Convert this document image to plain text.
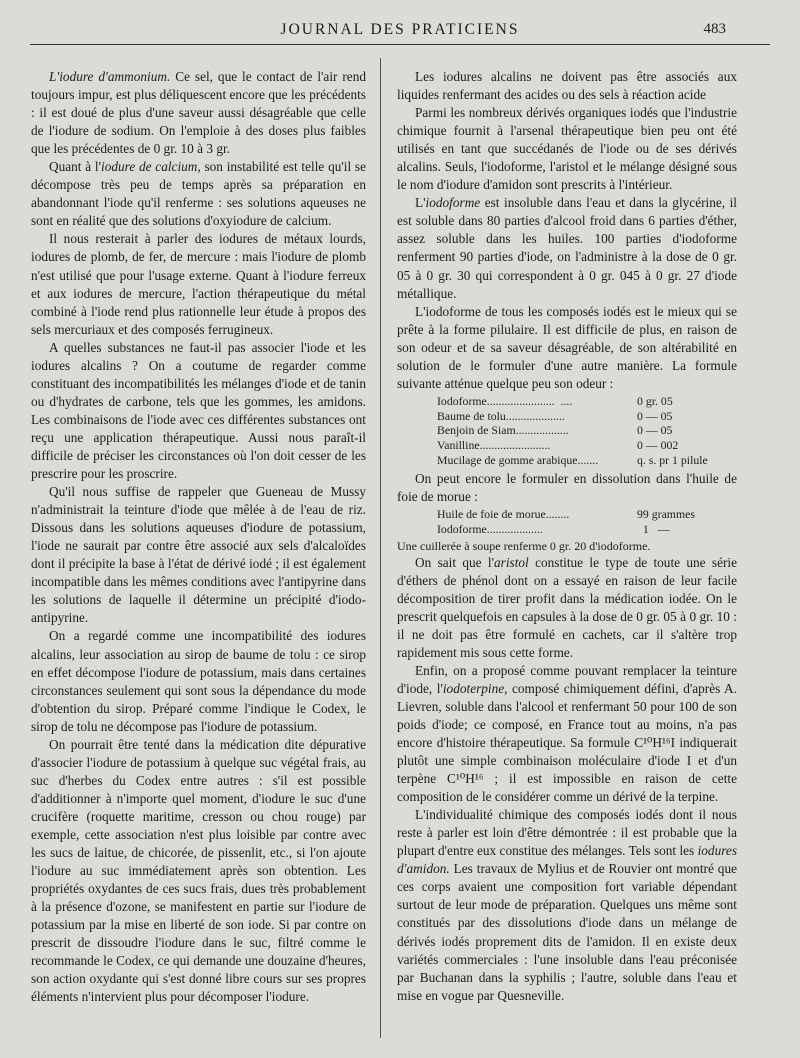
JOURNAL DES PRATICIENS	483

L'iodure d'ammonium. Ce sel, que le contact de l'air rend toujours impur, est plus déliquescent encore que les précédents : il est doué de plus d'une saveur aussi désagréable que celle de l'iodure de sodium. On l'emploie à des doses plus faibles que les précédentes de 0 gr. 10 à 3 gr.

Quant à l'iodure de calcium, son instabilité est telle qu'il se décompose très peu de temps après sa préparation en abandonnant l'iode qu'il renferme : ses solutions aqueuses ne sont en réalité que des solutions d'oxyiodure de calcium.

Il nous resterait à parler des iodures de métaux lourds, iodures de plomb, de fer, de mercure : mais l'iodure de plomb n'est utilisé que pour l'usage externe. Quant à l'iodure ferreux et aux iodures de mercure, l'action thérapeutique du métal combiné à l'iode rend plus rationnelle leur étude à propos des sels mercuriaux et des composés ferrugineux.

A quelles substances ne faut-il pas associer l'iode et les iodures alcalins ? On a coutume de regarder comme constituant des incompatibilités les mélanges d'iode et de tanin ou d'hydrates de carbone, tels que les gommes, les amidons. Les combinaisons de l'iode avec ces différentes substances ont reçu une application thérapeutique. Aussi nous paraît-il difficile de préciser les circonstances où l'on doit cesser de les prescrire pour les proscrire.

Qu'il nous suffise de rappeler que Gueneau de Mussy n'administrait la teinture d'iode que mêlée à de l'eau de riz. Dissous dans les solutions aqueuses d'iodure de potassium, l'iode ne saurait par contre être associé aux sels d'alcaloïdes dont il précipite la base à l'état de dérivé iodé ; il est également incompatible dans les mêmes conditions avec l'antipyrine dans les solutions de laquelle il détermine un précipité d'iodo-antipyrine.

On a regardé comme une incompatibilité des iodures alcalins, leur association au sirop de baume de tolu : ce sirop en effet décompose l'iodure de potassium, mais dans certaines circonstances seulement qui sont sous la dépendance du mode d'obtention du sirop. Préparé comme l'indique le Codex, le sirop de tolu ne décompose pas l'iodure de potassium.

On pourrait être tenté dans la médication dite dépurative d'associer l'iodure de potassium à quelque suc végétal frais, au suc d'herbes du Codex entre autres : s'il est possible d'additionner à n'importe quel moment, d'iodure le suc d'une crucifère (roquette maritime, cresson ou chou rouge) par exemple, cette association n'est plus loisible par contre avec les sucs de laitue, de chicorée, de pissenlit, etc., si l'on ajoute l'iodure au suc immédiatement après son obtention. Les propriétés oxydantes de ces sucs frais, dues très probablement à la présence d'ozone, se manifestent en partie sur l'iodure de potassium par la mise en liberté de son iode. Si par contre on prescrit de dissoudre l'iodure dans le suc, filtré comme le recommande le Codex, ce qui demande une douzaine d'heures, son action oxydante qui s'est donné libre cours sur ses propres éléments n'intervient plus pour décomposer l'iodure.

Les iodures alcalins ne doivent pas être associés aux liquides renfermant des acides ou des sels à réaction acide

Parmi les nombreux dérivés organiques iodés que l'industrie chimique fournit à l'arsenal thérapeutique bien peu ont été utilisés en tant que succédanés de l'iode ou de ses dérivés alcalins. Seuls, l'iodoforme, l'aristol et le mélange désigné sous le nom d'iodure d'amidon sont prescrits à l'intérieur.

L'iodoforme est insoluble dans l'eau et dans la glycérine, il est soluble dans 80 parties d'alcool froid dans 6 parties d'éther, assez soluble dans les huiles. 100 parties d'iodoforme renferment 90 parties d'iode, on l'administre à la dose de 0 gr. 05 à 0 gr. 30 qui correspondent à 0 gr. 045 à 0 gr. 27 d'iode métallique.

L'iodoforme de tous les composés iodés est le mieux qui se prête à la forme pilulaire. Il est difficile de plus, en raison de son odeur et de sa saveur désagréable, de son altérabilité en solution de le formuler d'une autre manière. La formule suivante atténue quelque peu son odeur :

Iodoforme.......................  ....	0 gr. 05
Baume de tolu....................	0 — 05
Benjoin de Siam..................	0 — 05
Vanilline........................	0 — 002
Mucilage de gomme arabique.......	q. s. pr 1 pilule

On peut encore le formuler en dissolution dans l'huile de foie de morue :

Huile de foie de morue........	99 grammes
Iodoforme...................	1   —

Une cuillerée à soupe renferme 0 gr. 20 d'iodoforme.

On sait que l'aristol constitue le type de toute une série d'éthers de phénol dont on a essayé en raison de leur facile décomposition de tirer profit dans la médication iodée. On le prescrit quelquefois en capsules à la dose de 0 gr. 05 à 0 gr. 10 : il ne doit pas être formulé en cachets, car il s'altère trop rapidement mis sous cette forme.

Enfin, on a proposé comme pouvant remplacer la teinture d'iode, l'iodoterpine, composé chimiquement défini, d'après A. Lievren, soluble dans l'alcool et renfermant 50 pour 100 de son poids d'iode; ce composé, en France tout au moins, n'a pas encore d'histoire thérapeutique. Sa formule C¹⁰H¹⁶I indiquerait plutôt une simple combinaison moléculaire d'iode I et d'un terpène C¹⁰H¹⁶ ; il est impossible en raison de cette composition de le considérer comme un dérivé de la terpine.

L'individualité chimique des composés iodés dont il nous reste à parler est loin d'être démontrée : il est probable que la plupart d'entre eux constitue des mélanges. Tels sont les iodures d'amidon. Les travaux de Mylius et de Rouvier ont montré que ces corps avaient une composition fort variable dépendant surtout de leur mode de préparation. Quelques uns même sont constitués par des dissolutions d'iode dans un mélange de dérivés iodés proprement dits de l'amidon. Il en existe deux variétés commerciales : l'une insoluble dans l'eau préconisée par Buchanan dans la syphilis ; l'autre, soluble dans l'eau et mise en vogue par Quesneville.
